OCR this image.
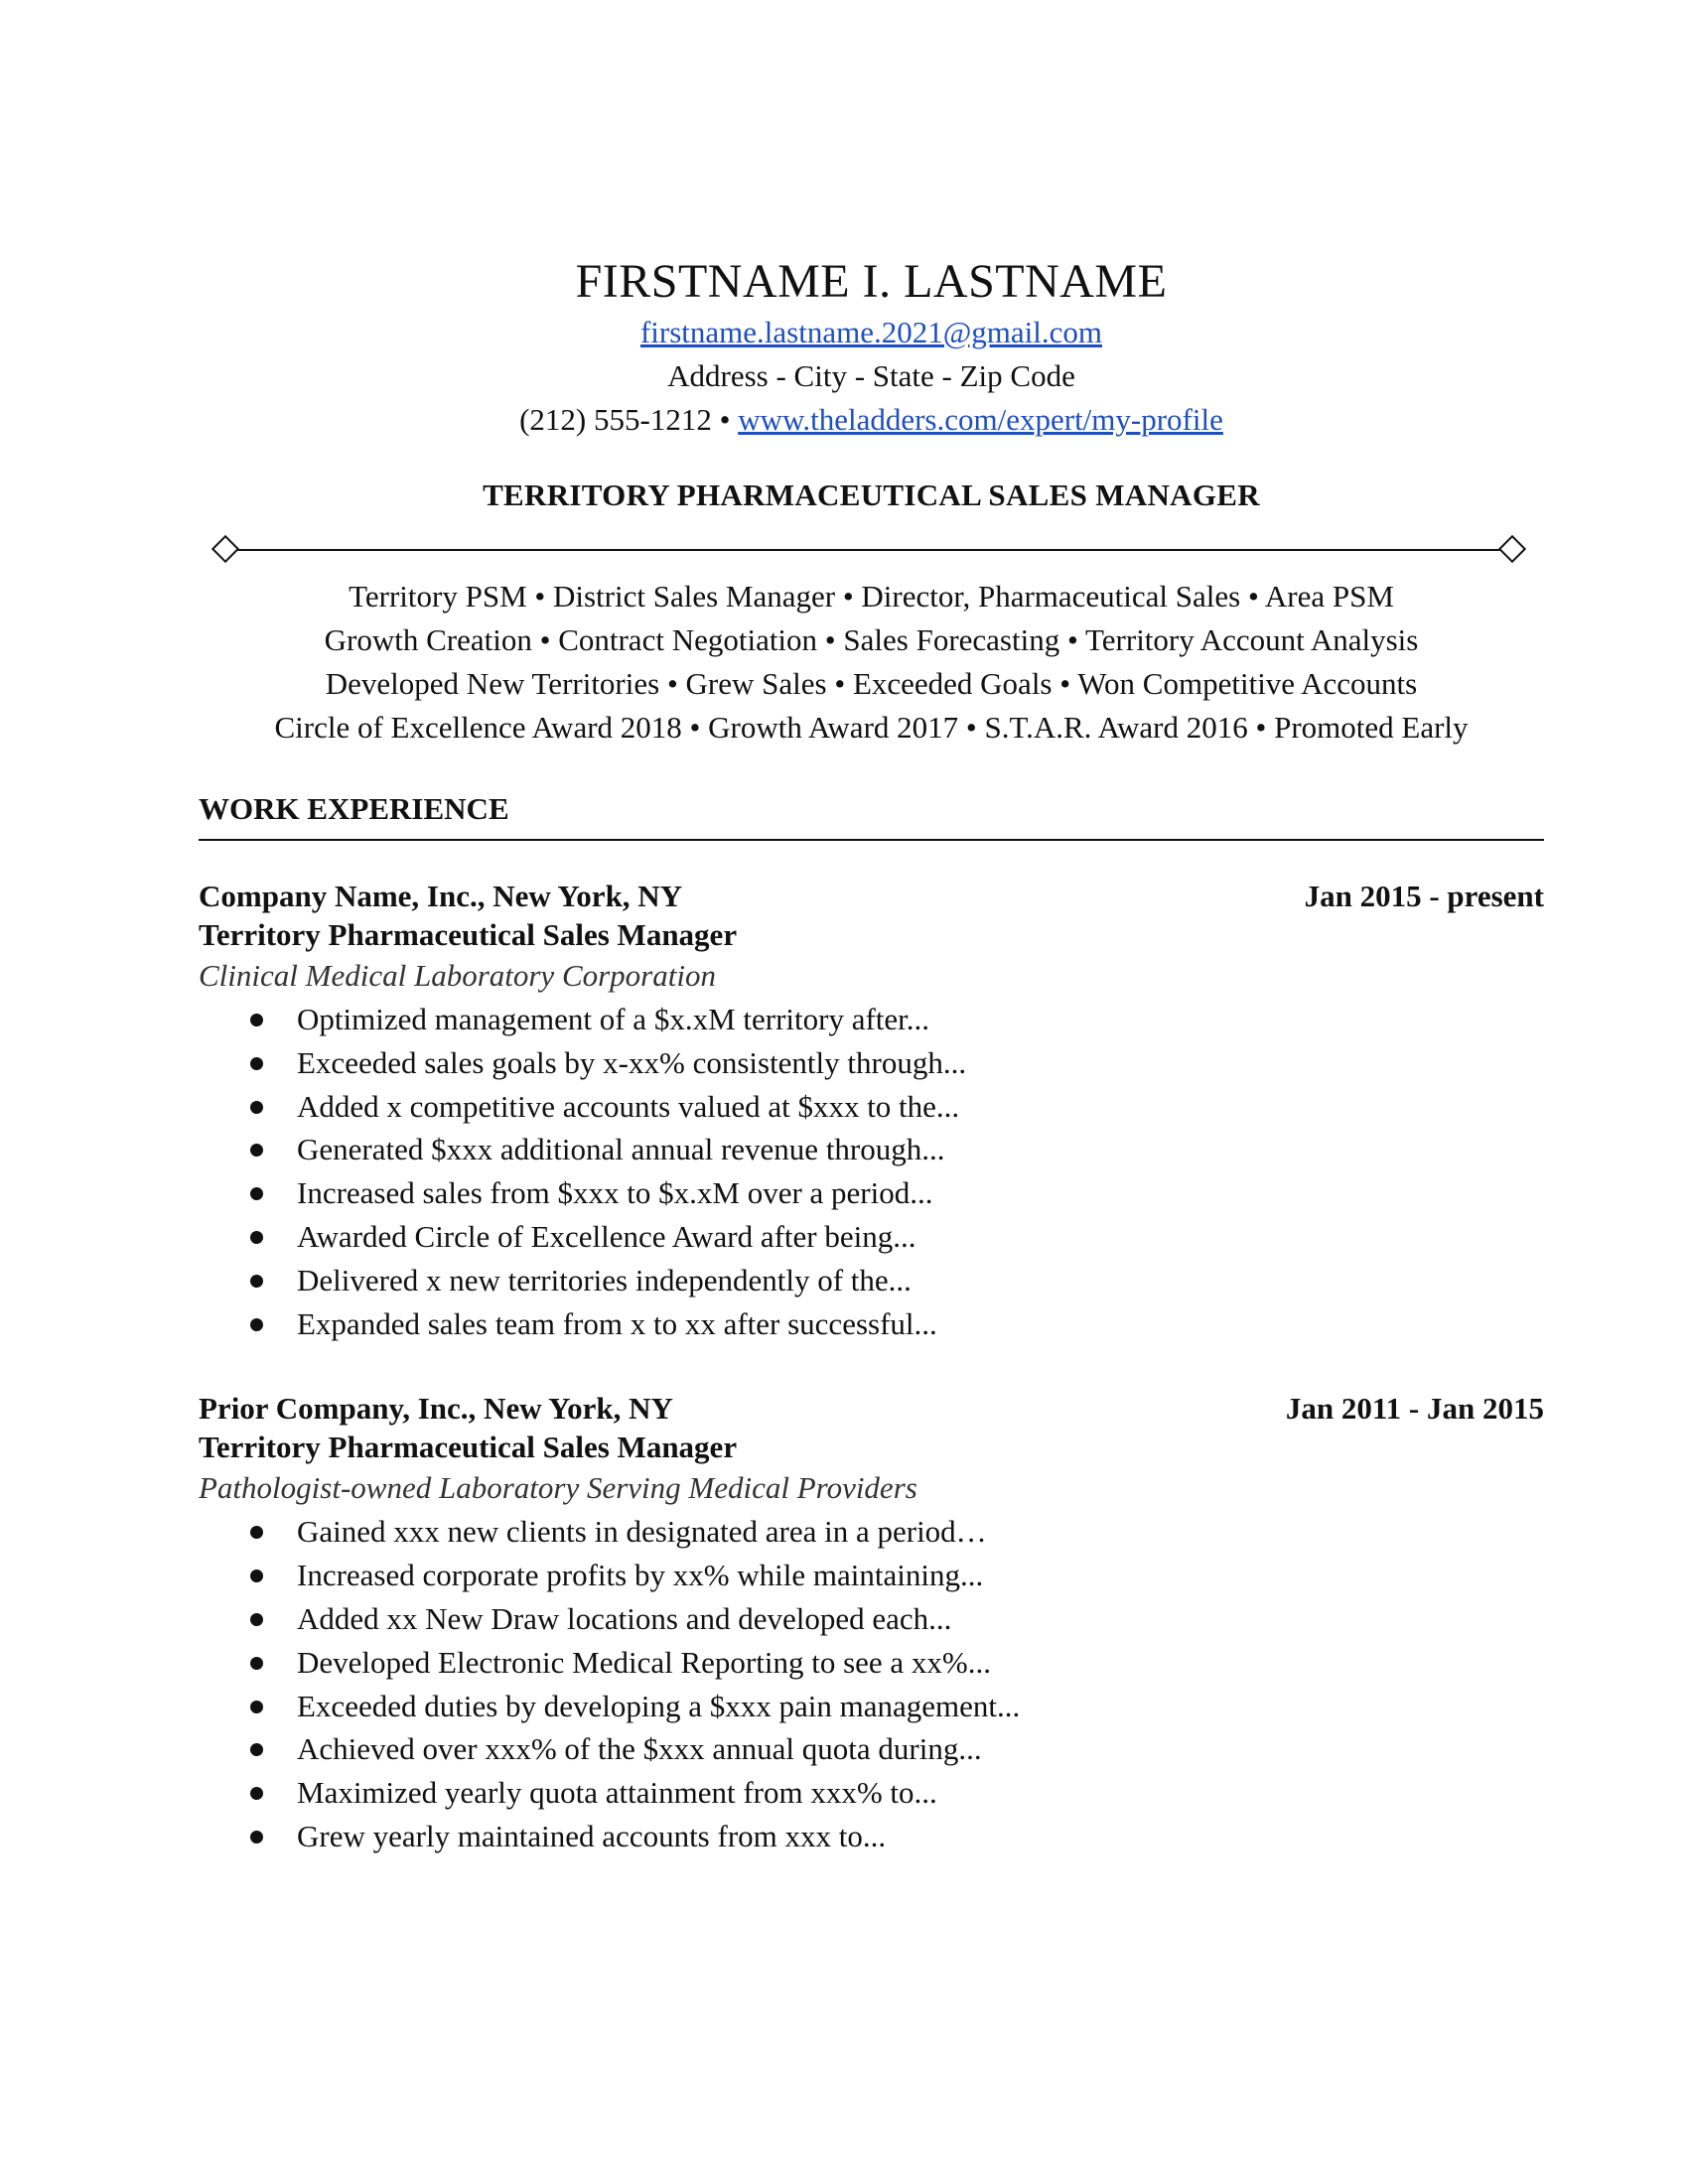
FIRSTNAME I. LASTNAME
firstname.lastname.2021@gmail.com
Address - City - State - Zip Code
(212) 555-1212 • www.theladders.com/expert/my-profile
TERRITORY PHARMACEUTICAL SALES MANAGER
Territory PSM • District Sales Manager • Director, Pharmaceutical Sales • Area PSM
Growth Creation • Contract Negotiation • Sales Forecasting • Territory Account Analysis
Developed New Territories • Grew Sales • Exceeded Goals • Won Competitive Accounts
Circle of Excellence Award 2018 • Growth Award 2017 • S.T.A.R. Award 2016 • Promoted Early
WORK EXPERIENCE
Company Name, Inc., New York, NY	Jan 2015 - present
Territory Pharmaceutical Sales Manager
Clinical Medical Laboratory Corporation
Optimized management of a $x.xM territory after...
Exceeded sales goals by x-xx% consistently through...
Added x competitive accounts valued at $xxx to the...
Generated $xxx additional annual revenue through...
Increased sales from $xxx to $x.xM over a period...
Awarded Circle of Excellence Award after being...
Delivered x new territories independently of the...
Expanded sales team from x to xx after successful...
Prior Company, Inc., New York, NY	Jan 2011 - Jan 2015
Territory Pharmaceutical Sales Manager
Pathologist-owned Laboratory Serving Medical Providers
Gained xxx new clients in designated area in a period…
Increased corporate profits by xx% while maintaining...
Added xx New Draw locations and developed each...
Developed Electronic Medical Reporting to see a xx%...
Exceeded duties by developing a $xxx pain management...
Achieved over xxx% of the $xxx annual quota during...
Maximized yearly quota attainment from xxx% to...
Grew yearly maintained accounts from xxx to...
